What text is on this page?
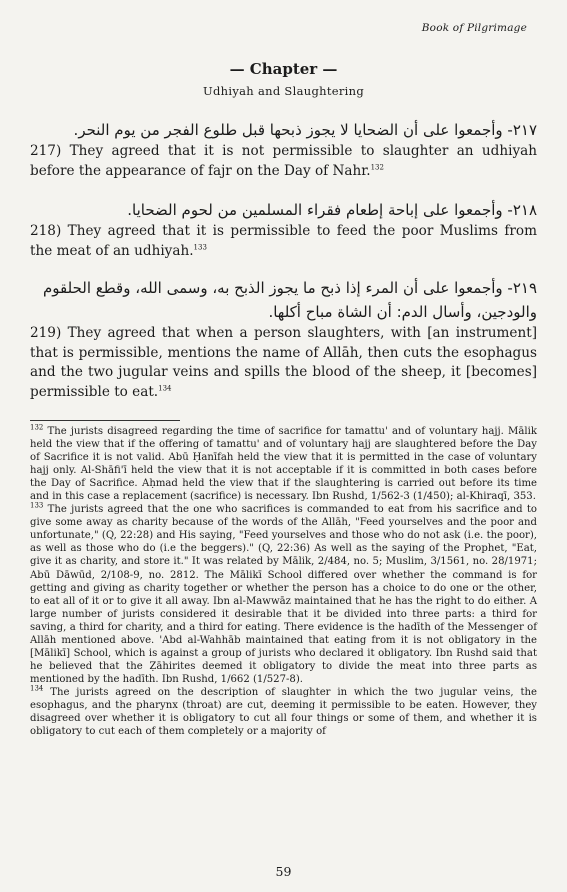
Book of Pilgrimage
— Chapter —
Udhiyah and Slaughtering
٢١٧- وأجمعوا على أن الضحايا لا يجوز ذبحها قبل طلوع الفجر من يوم النحر.
217) They agreed that it is not permissible to slaughter an udhiyah before the appearance of fajr on the Day of Nahr.$^{132}$
٢١٨- وأجمعوا على إباحة إطعام فقراء المسلمين من لحوم الضحايا.
218) They agreed that it is permissible to feed the poor Muslims from the meat of an udhiyah.$^{133}$
٢١٩- وأجمعوا على أن المرء إذا ذبح ما يجوز الذبح به، وسمى الله، وقطع الحلقوم والودجين، وأسال الدم: أن الشاة مباح أكلها.
219) They agreed that when a person slaughters, with [an instrument] that is permissible, mentions the name of Allāh, then cuts the esophagus and the two jugular veins and spills the blood of the sheep, it [becomes] permissible to eat.$^{134}$

$^{132}$ The jurists disagreed regarding the time of sacrifice for tamattu' and of voluntary hajj. Mālik held the view that if the offering of tamattu' and of voluntary hajj are slaughtered before the Day of Sacrifice it is not valid. Abū Ḥanīfah held the view that it is permitted in the case of voluntary hajj only. Al-Shāfi'ī held the view that it is not acceptable if it is committed in both cases before the Day of Sacrifice. Aḥmad held the view that if the slaughtering is carried out before its time and in this case a replacement (sacrifice) is necessary. Ibn Rushd, 1/562-3 (1/450); al-Khiraqī, 353.

$^{133}$ The jurists agreed that the one who sacrifices is commanded to eat from his sacrifice and to give some away as charity because of the words of the Allāh, "Feed yourselves and the poor and unfortunate," (Q, 22:28) and His saying, "Feed yourselves and those who do not ask (i.e. the poor), as well as those who do (i.e the beggers)." (Q, 22:36) As well as the saying of the Prophet, "Eat, give it as charity, and store it." It was related by Mālik, 2/484, no. 5; Muslim, 3/1561, no. 28/1971; Abū Dāwūd, 2/108-9, no. 2812. The Mālikī School differed over whether the command is for getting and giving as charity together or whether the person has a choice to do one or the other, to eat all of it or to give it all away. Ibn al-Mawwāz maintained that he has the right to do either. A large number of jurists considered it desirable that it be divided into three parts: a third for saving, a third for charity, and a third for eating. There evidence is the hadīth of the Messenger of Allāh mentioned above. 'Abd al-Wahhāb maintained that eating from it is not obligatory in the [Mālikī] School, which is against a group of jurists who declared it obligatory. Ibn Rushd said that he believed that the Ẓāhirites deemed it obligatory to divide the meat into three parts as mentioned by the hadīth. Ibn Rushd, 1/662 (1/527-8).

$^{134}$ The jurists agreed on the description of slaughter in which the two jugular veins, the esophagus, and the pharynx (throat) are cut, deeming it permissible to be eaten. However, they disagreed over whether it is obligatory to cut all four things or some of them, and whether it is obligatory to cut each of them completely or a majority of

59
